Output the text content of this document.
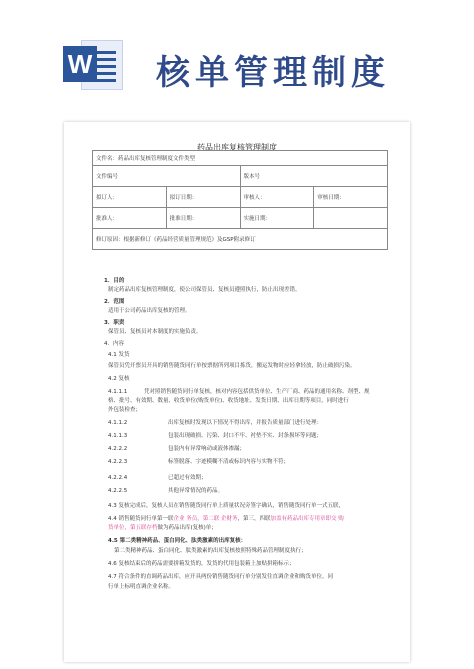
W 核单管理制度
药品出库复核管理制度
文件名：药品出库复核管理制度文件类型			
文件编号		版本号	
拟订人：	拟订日期：	审核人：	审核日期：
批准人：	批准日期：	实施日期：	
修订原因：根据新修订《药品经营质量管理规范》及GSP附录修订			
1．目的
制定药品出库复核管理制度，使公司保管员、复核员遵照执行，防止出现差错。
2．范围
适用于公司药品出库复核的管理。
3．职责
保管员、复核员对本制度的实施负责。
4．内容
4.1 发货
保管员凭开票员开具的销售随货同行单按票据所列项目拣货，搬运发物时应轻拿轻放，防止破损污染。
4.2 复核
4.1.1.1	凭对照销售随货同行单复核，核对内容包括供货单位、生产厂商、药品的通用名称、剂型、规
格、批号、有效期、数量、收货单位(购货单位)、收货地址、发货日期、出库日期等项目，同时进行
外包装检查；
4.1.1.2	出库复核时发现以下情况不得出库，并报告质量部门进行处理：
4.1.1.3	包装出现破损、污染、封口不牢、衬垫不实、封条损坏等问题；
4.2.2.2	包装内有异常响动或液体渗漏；
4.2.2.3	标签脱落、字迹模糊不清或标识内容与实物不符；
4.2.2.4	已超过有效期；
4.2.2.5	其他异常情况的药品。
4.3 复核完成后，复核人员在销售随货同行单上质量状况旁签字确认，销售随货同行单一式五联，
4.4 销售随货同行单第一联企业 务员，第二联 企财务，第三，四联加盖有药品出库专用章即交 购
货单位，第五联存档做为药品出库(复核)单；
4.5 第二类精神药品、蛋白同化、肽类激素的出库复核：
第二类精神药品、蛋白同化、肽类激素的出库复核按照特殊药品管理制度执行；
4.6 复核结束后的药品需要拼箱发货的，发货的代用包装箱上加贴拼箱标示；
4.7 符合条件的直调药品出库，应开具两份销售随货同行单分别发往直调企业和购货单位。同
行单上标明直调企业名称。
